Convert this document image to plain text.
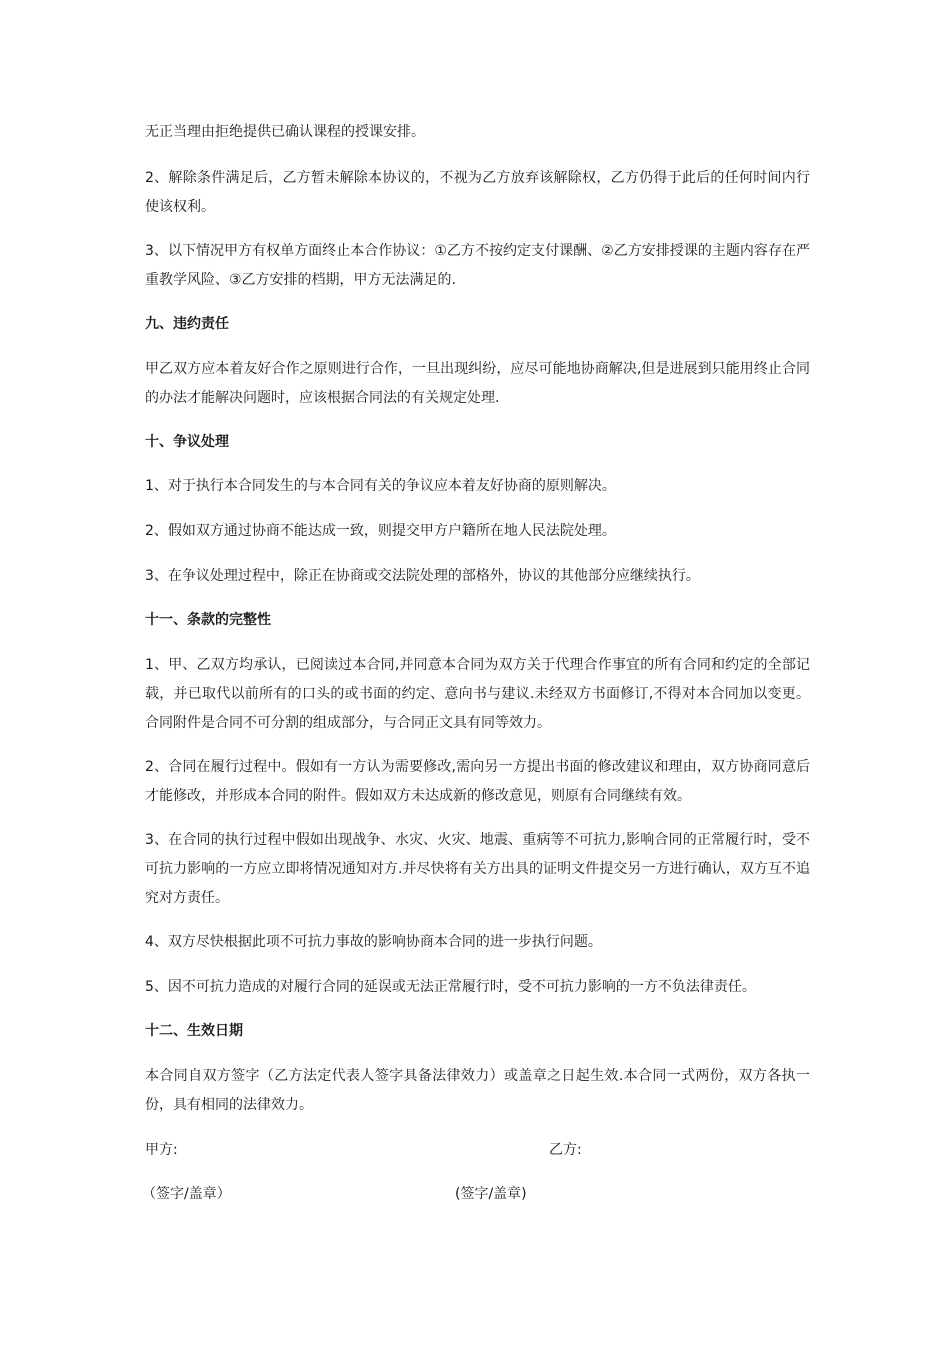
无正当理由拒绝提供已确认课程的授课安排。

2、解除条件满足后，乙方暂未解除本协议的，不视为乙方放弃该解除权，乙方仍得于此后的任何时间内行使该权利。

3、以下情况甲方有权单方面终止本合作协议：①乙方不按约定支付课酬、②乙方安排授课的主题内容存在严重教学风险、③乙方安排的档期，甲方无法满足的.

九、违约责任

甲乙双方应本着友好合作之原则进行合作，一旦出现纠纷，应尽可能地协商解决,但是进展到只能用终止合同的办法才能解决问题时，应该根据合同法的有关规定处理.

十、争议处理

1、对于执行本合同发生的与本合同有关的争议应本着友好协商的原则解决。

2、假如双方通过协商不能达成一致，则提交甲方户籍所在地人民法院处理。

3、在争议处理过程中，除正在协商或交法院处理的部格外，协议的其他部分应继续执行。

十一、条款的完整性

1、甲、乙双方均承认，已阅读过本合同,并同意本合同为双方关于代理合作事宜的所有合同和约定的全部记载，并已取代以前所有的口头的或书面的约定、意向书与建议.未经双方书面修订,不得对本合同加以变更。合同附件是合同不可分割的组成部分，与合同正文具有同等效力。

2、合同在履行过程中。假如有一方认为需要修改,需向另一方提出书面的修改建议和理由，双方协商同意后才能修改，并形成本合同的附件。假如双方未达成新的修改意见，则原有合同继续有效。

3、在合同的执行过程中假如出现战争、水灾、火灾、地震、重病等不可抗力,影响合同的正常履行时，受不可抗力影响的一方应立即将情况通知对方.并尽快将有关方出具的证明文件提交另一方进行确认，双方互不追究对方责任。

4、双方尽快根据此项不可抗力事故的影响协商本合同的进一步执行问题。

5、因不可抗力造成的对履行合同的延误或无法正常履行时，受不可抗力影响的一方不负法律责任。

十二、生效日期

本合同自双方签字（乙方法定代表人签字具备法律效力）或盖章之日起生效.本合同一式两份，双方各执一份，具有相同的法律效力。

甲方:	乙方:

（签字/盖章）	(签字/盖章)
